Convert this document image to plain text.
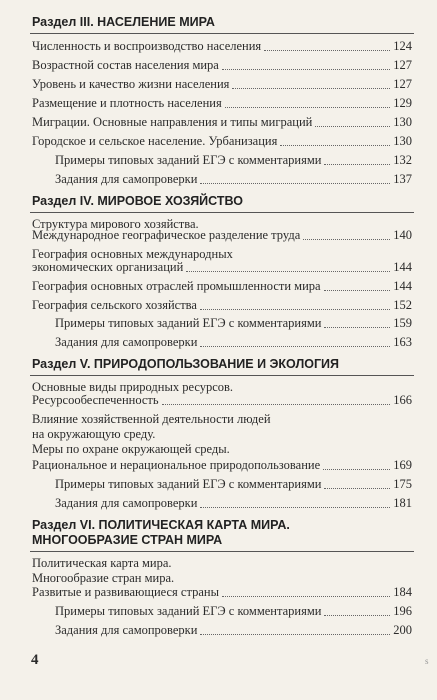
Раздел III. НАСЕЛЕНИЕ МИРА
Численность и воспроизводство населения	124
Возрастной состав населения мира	127
Уровень и качество жизни населения	127
Размещение и плотность населения	129
Миграции. Основные направления и типы миграций	130
Городское и сельское население. Урбанизация	130
Примеры типовых заданий ЕГЭ с комментариями	132
Задания для самопроверки	137
Раздел IV. МИРОВОЕ ХОЗЯЙСТВО
Структура мирового хозяйства.
Международное географическое разделение труда	140
География основных международных
экономических организаций	144
География основных отраслей промышленности мира	144
География сельского хозяйства	152
Примеры типовых заданий ЕГЭ с комментариями	159
Задания для самопроверки	163
Раздел V. ПРИРОДОПОЛЬЗОВАНИЕ И ЭКОЛОГИЯ
Основные виды природных ресурсов.
Ресурсообеспеченность	166
Влияние хозяйственной деятельности людей
на окружающую среду.
Меры по охране окружающей среды.
Рациональное и нерациональное природопользование	169
Примеры типовых заданий ЕГЭ с комментариями	175
Задания для самопроверки	181
Раздел VI. ПОЛИТИЧЕСКАЯ КАРТА МИРА.
МНОГООБРАЗИЕ СТРАН МИРА
Политическая карта мира.
Многообразие стран мира.
Развитые и развивающиеся страны	184
Примеры типовых заданий ЕГЭ с комментариями	196
Задания для самопроверки	200
4	s
